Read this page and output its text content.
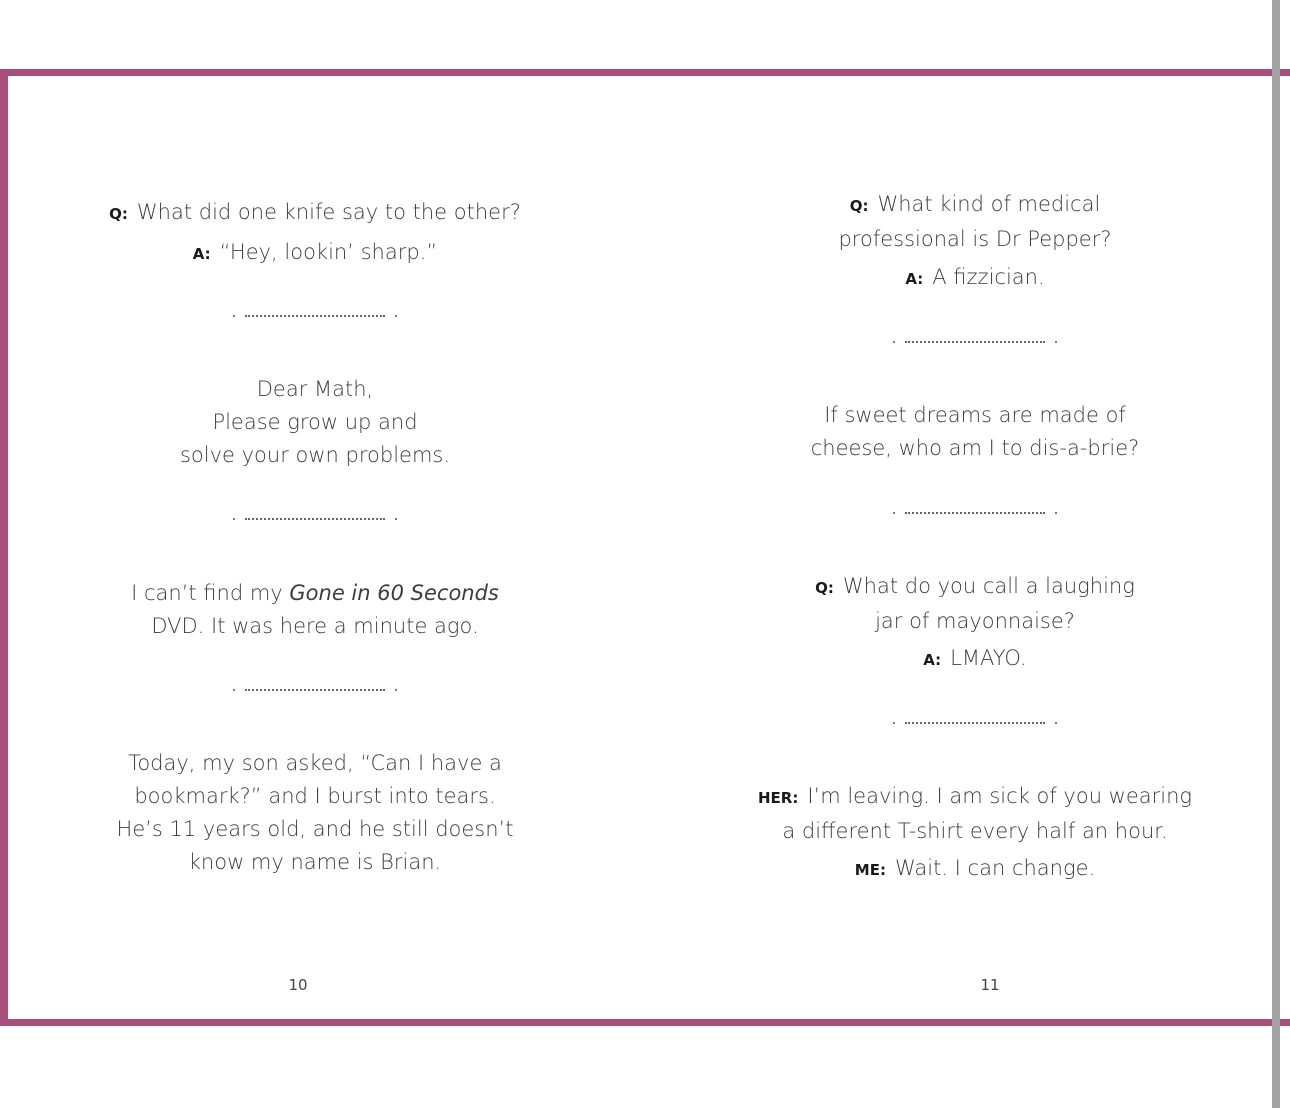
Q: What did one knife say to the other?
A: “Hey, lookin’ sharp.”
Dear Math,
Please grow up and
solve your own problems.
I can’t find my Gone in 60 Seconds
DVD. It was here a minute ago.
Today, my son asked, “Can I have a
bookmark?” and I burst into tears.
He’s 11 years old, and he still doesn’t
know my name is Brian.
10
Q: What kind of medical
professional is Dr Pepper?
A: A fizzician.
If sweet dreams are made of
cheese, who am I to dis-a-brie?
Q: What do you call a laughing
jar of mayonnaise?
A: LMAYO.
HER: I’m leaving. I am sick of you wearing
a different T-shirt every half an hour.
ME: Wait. I can change.
11
